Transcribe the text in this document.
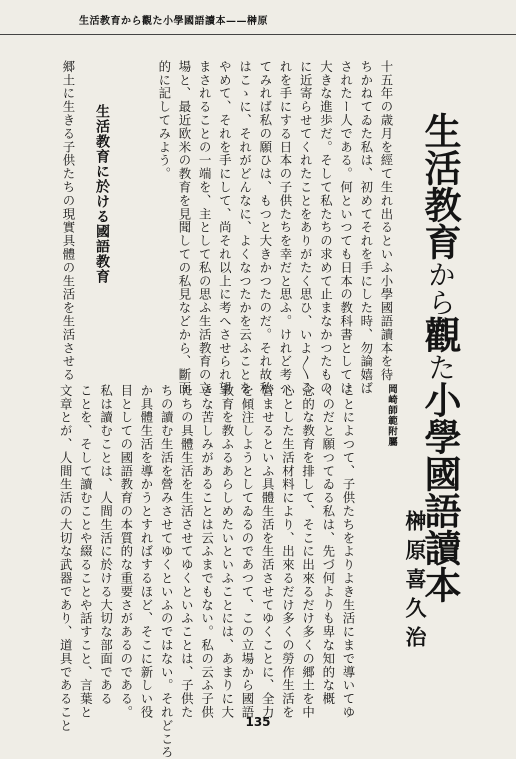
生活教育から觀た小學國語讀本——榊原

十五年の歳月を經て生れ出るといふ小學國語讀本を待

ちかねてゐた私は、初めてそれを手にした時、勿論嬉ば

されたー人である。何といつても日本の教科書としては

大きな進歩だ。そして私たちの求めて止まなかつたもの

に近寄らせてくれたことをありがたく思ひ、いよ〳〵こ

れを手にする日本の子供たちを幸だと思ふ。けれど考へ

てみれば私の願ひは、もつと大きかつたのだ。それ故私

はこゝに、それがどんなに、よくなつたかを云ふことを

やめて、それを手にして、尚それ以上に考へさせられ望

まされることの一端を、主として私の思ふ生活教育の立

場と、最近欧米の教育を見聞しての私見などから、斷面

的に記してみよう。

生活教育に於ける國語教育

郷土に生きる子供たちの現實具體の生活を生活させる	生活教育から觀た小學國語讀本
岡崎師範附屬
榊原喜久治

ことによつて、子供たちをよりよき生活にまで導いてゆ

くのだと願つてゐる私は、先づ何よりも卑な知的な概

念的な教育を排して、そこに出來るだけ多くの郷土を中

心とした生活材料により、出來るだけ多くの勞作生活を

營ませるといふ具體生活を生活させてゆくことに、全力

を傾注しようとしてゐるのであつて、この立場から國語

教育を教ふるあらしめたいといふことには、あまりに大

きな苦しみがあることは云ふまでもない。私の云ふ子供

たちの具體生活を生活させてゆくといふことは、子供た

ちの讀む生活を營みさせてゆくといふのではない。それどころ

か具體生活を導かうとすればするほど、そこに新しい役

目としての國語教育の本質的な重要さがあるのである。

私は讀むことは、人間生活に於ける大切な部面である

ことを、そして讀むことや綴ることや話すこと、言葉と

文章とが、人間生活の大切な武器であり、道具であること	135
